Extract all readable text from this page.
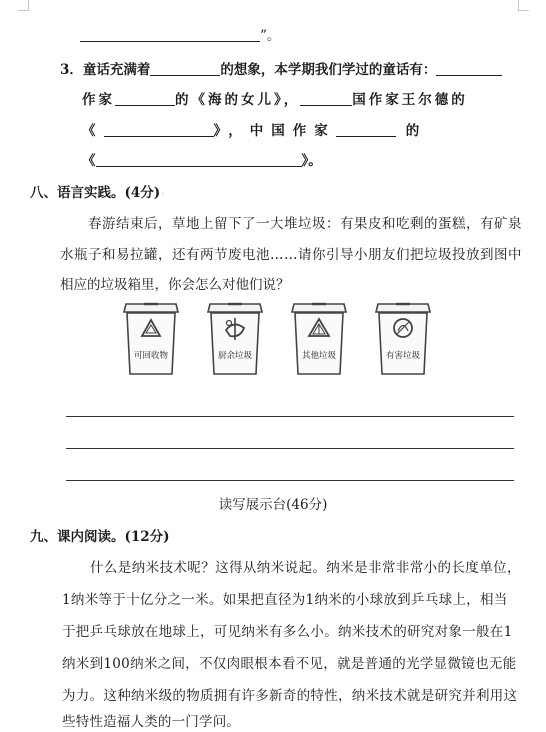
”。
3．童话充满着	的想象，本学期我们学过的童话有：
作家	的《海的女儿》，	国作家王尔德的
《	》，中国作家	的
《	》。
八、语言实践。(4分)◦
春游结束后，草地上留下了一大堆垃圾：有果皮和吃剩的蛋糕，有矿泉
水瓶子和易拉罐，还有两节废电池……请你引导小朋友们把垃圾投放到图中
相应的垃圾箱里，你会怎么对他们说？
可回收物	厨余垃圾	其他垃圾	有害垃圾
读写展示台(46分)
九、课内阅读。(12分)
什么是纳米技术呢？这得从纳米说起。纳米是非常非常小的长度单位，
1纳米等于十亿分之一米。如果把直径为1纳米的小球放到乒乓球上，相当
于把乒乓球放在地球上，可见纳米有多么小。纳米技术的研究对象一般在1
纳米到100纳米之间，不仅肉眼根本看不见，就是普通的光学显微镜也无能
为力。这种纳米级的物质拥有许多新奇的特性，纳米技术就是研究并利用这
些特性造福人类的一门学问。
